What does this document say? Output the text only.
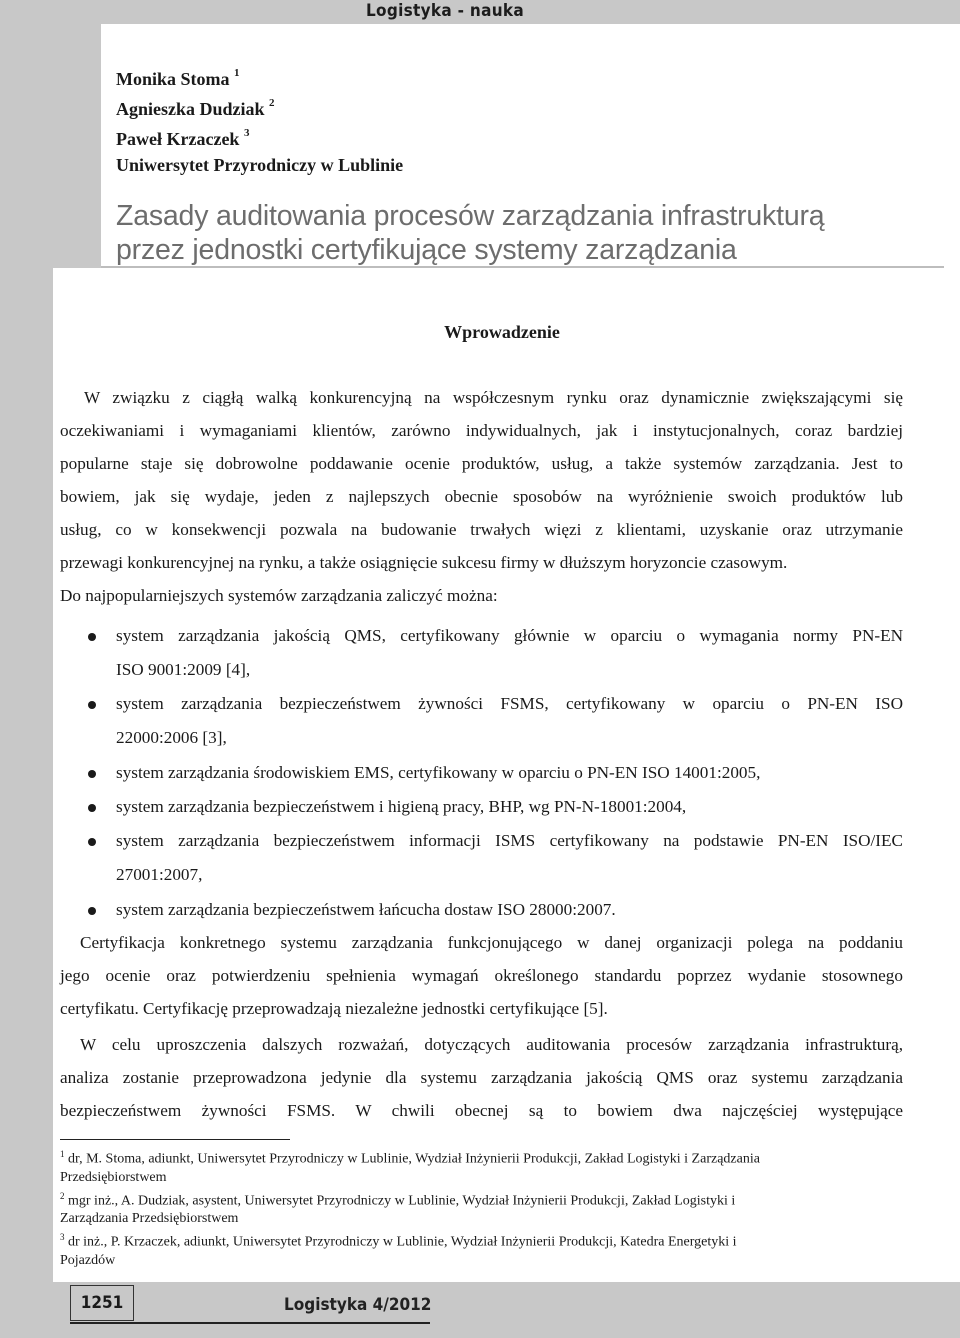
Logistyka - nauka
Monika Stoma $^1$
Agnieszka Dudziak $^2$
Paweł Krzaczek $^3$
Uniwersytet Przyrodniczy w Lublinie
Zasady auditowania procesów zarządzania infrastrukturą
przez jednostki certyfikujące systemy zarządzania
Wprowadzenie
W związku z ciągłą walką konkurencyjną na współczesnym rynku oraz dynamicznie zwiększającymi się
oczekiwaniami i wymaganiami klientów, zarówno indywidualnych, jak i instytucjonalnych, coraz bardziej
popularne staje się dobrowolne poddawanie ocenie produktów, usług, a także systemów zarządzania. Jest to
bowiem, jak się wydaje, jeden z najlepszych obecnie sposobów na wyróżnienie swoich produktów lub
usług, co w konsekwencji pozwala na budowanie trwałych więzi z klientami, uzyskanie oraz utrzymanie
przewagi konkurencyjnej na rynku, a także osiągnięcie sukcesu firmy w dłuższym horyzoncie czasowym.
Do najpopularniejszych systemów zarządzania zaliczyć można:
system zarządzania jakością QMS, certyfikowany głównie w oparciu o wymagania normy PN-EN
ISO 9001:2009 [4],
system zarządzania bezpieczeństwem żywności FSMS, certyfikowany w oparciu o PN-EN ISO
22000:2006 [3],
system zarządzania środowiskiem EMS, certyfikowany w oparciu o PN-EN ISO 14001:2005,
system zarządzania bezpieczeństwem i higieną pracy, BHP, wg PN-N-18001:2004,
system zarządzania bezpieczeństwem informacji ISMS certyfikowany na podstawie PN-EN ISO/IEC
27001:2007,
system zarządzania bezpieczeństwem łańcucha dostaw ISO 28000:2007.
Certyfikacja konkretnego systemu zarządzania funkcjonującego w danej organizacji polega na poddaniu
jego ocenie oraz potwierdzeniu spełnienia wymagań określonego standardu poprzez wydanie stosownego
certyfikatu. Certyfikację przeprowadzają niezależne jednostki certyfikujące [5].
W celu uproszczenia dalszych rozważań, dotyczących auditowania procesów zarządzania infrastrukturą,
analiza zostanie przeprowadzona jedynie dla systemu zarządzania jakością QMS oraz systemu zarządzania
bezpieczeństwem żywności FSMS. W chwili obecnej są to bowiem dwa najczęściej występujące
$^1$ dr, M. Stoma, adiunkt, Uniwersytet Przyrodniczy w Lublinie, Wydział Inżynierii Produkcji, Zakład Logistyki i Zarządzania
Przedsiębiorstwem
$^2$ mgr inż., A. Dudziak, asystent, Uniwersytet Przyrodniczy w Lublinie, Wydział Inżynierii Produkcji, Zakład Logistyki i
Zarządzania Przedsiębiorstwem
$^3$ dr inż., P. Krzaczek, adiunkt, Uniwersytet Przyrodniczy w Lublinie, Wydział Inżynierii Produkcji, Katedra Energetyki i
Pojazdów
1251	Logistyka 4/2012
